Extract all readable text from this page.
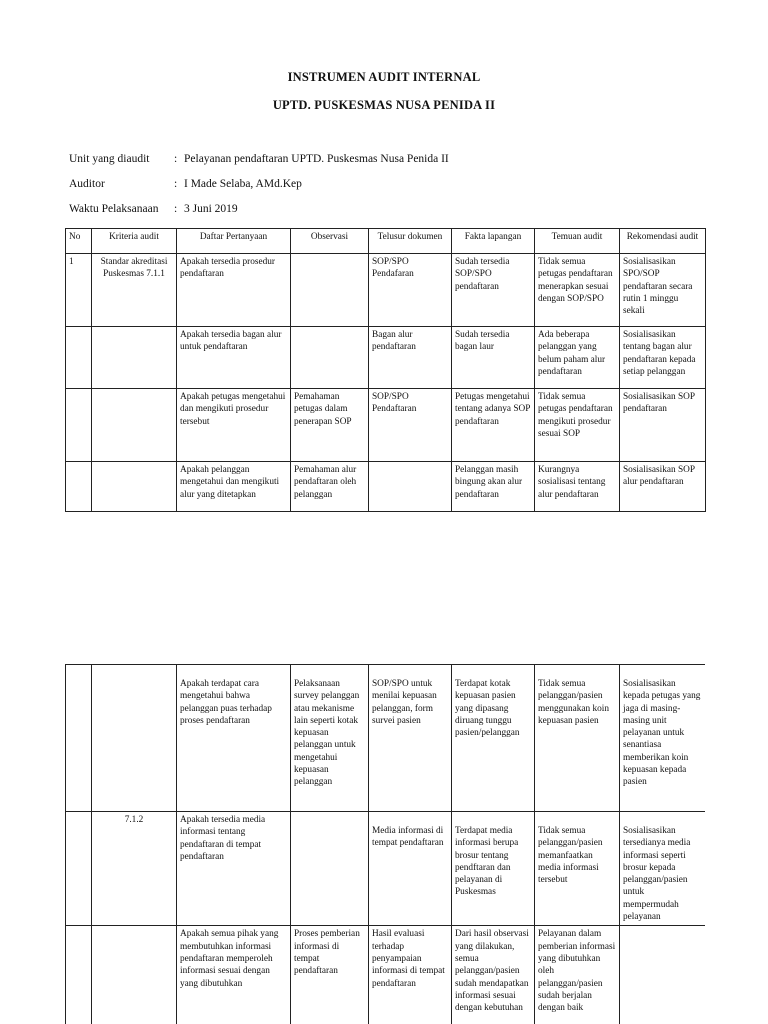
INSTRUMEN AUDIT INTERNAL
UPTD. PUSKESMAS NUSA PENIDA II
Unit yang diaudit : Pelayanan pendaftaran UPTD. Puskesmas Nusa Penida II
Auditor	: I Made Selaba, AMd.Kep
Waktu Pelaksanaan : 3 Juni 2019
No	Kriteria audit	Daftar Pertanyaan	Observasi	Telusur dokumen	Fakta lapangan	Temuan audit	Rekomendasi audit
1	Standar akreditasi Puskesmas 7.1.1	Apakah tersedia prosedur pendaftaran		SOP/SPO Pendafaran	Sudah tersedia SOP/SPO pendaftaran	Tidak semua petugas pendaftaran menerapkan sesuai dengan SOP/SPO	Sosialisasikan SPO/SOP pendaftaran secara rutin 1 minggu sekali
		Apakah tersedia bagan alur untuk pendaftaran		Bagan alur pendaftaran	Sudah tersedia bagan laur	Ada beberapa pelanggan yang belum paham alur pendaftaran	Sosialisasikan tentang bagan alur pendaftaran kepada setiap pelanggan
		Apakah petugas mengetahui dan mengikuti prosedur tersebut	Pemahaman petugas dalam penerapan SOP	SOP/SPO Pendaftaran	Petugas mengetahui tentang adanya SOP pendaftaran	Tidak semua petugas pendaftaran mengikuti prosedur sesuai SOP	Sosialisasikan SOP pendaftaran
		Apakah pelanggan mengetahui dan mengikuti alur yang ditetapkan	Pemahaman alur pendaftaran oleh pelanggan		Pelanggan masih bingung akan alur pendaftaran	Kurangnya sosialisasi tentang alur pendaftaran	Sosialisasikan SOP alur pendaftaran
		Apakah terdapat cara mengetahui bahwa pelanggan puas terhadap proses pendaftaran	Pelaksanaan survey pelanggan atau mekanisme lain seperti kotak kepuasan pelanggan untuk mengetahui kepuasan pelanggan	SOP/SPO untuk menilai kepuasan pelanggan, form survei pasien	Terdapat kotak kepuasan pasien yang dipasang diruang tunggu pasien/pelanggan	Tidak semua pelanggan/pasien menggunakan koin kepuasan pasien	Sosialisasikan kepada petugas yang jaga di masing-masing unit pelayanan untuk senantiasa memberikan koin kepuasan kepada pasien
	7.1.2	Apakah tersedia media informasi tentang pendaftaran di tempat pendaftaran		Media informasi di tempat pendaftaran	Terdapat media informasi berupa brosur tentang pendftaran dan pelayanan di Puskesmas	Tidak semua pelanggan/pasien memanfaatkan media informasi tersebut	Sosialisasikan tersedianya media informasi seperti brosur kepada pelanggan/pasien untuk mempermudah pelayanan
		Apakah semua pihak yang membutuhkan informasi pendaftaran memperoleh informasi sesuai dengan yang dibutuhkan	Proses pemberian informasi di tempat pendaftaran	Hasil evaluasi terhadap penyampaian informasi di tempat pendaftaran	Dari hasil observasi yang dilakukan, semua pelanggan/pasien sudah mendapatkan informasi sesuai dengan kebutuhan	Pelayanan dalam pemberian informasi yang dibutuhkan oleh pelanggan/pasien sudah berjalan dengan baik	
